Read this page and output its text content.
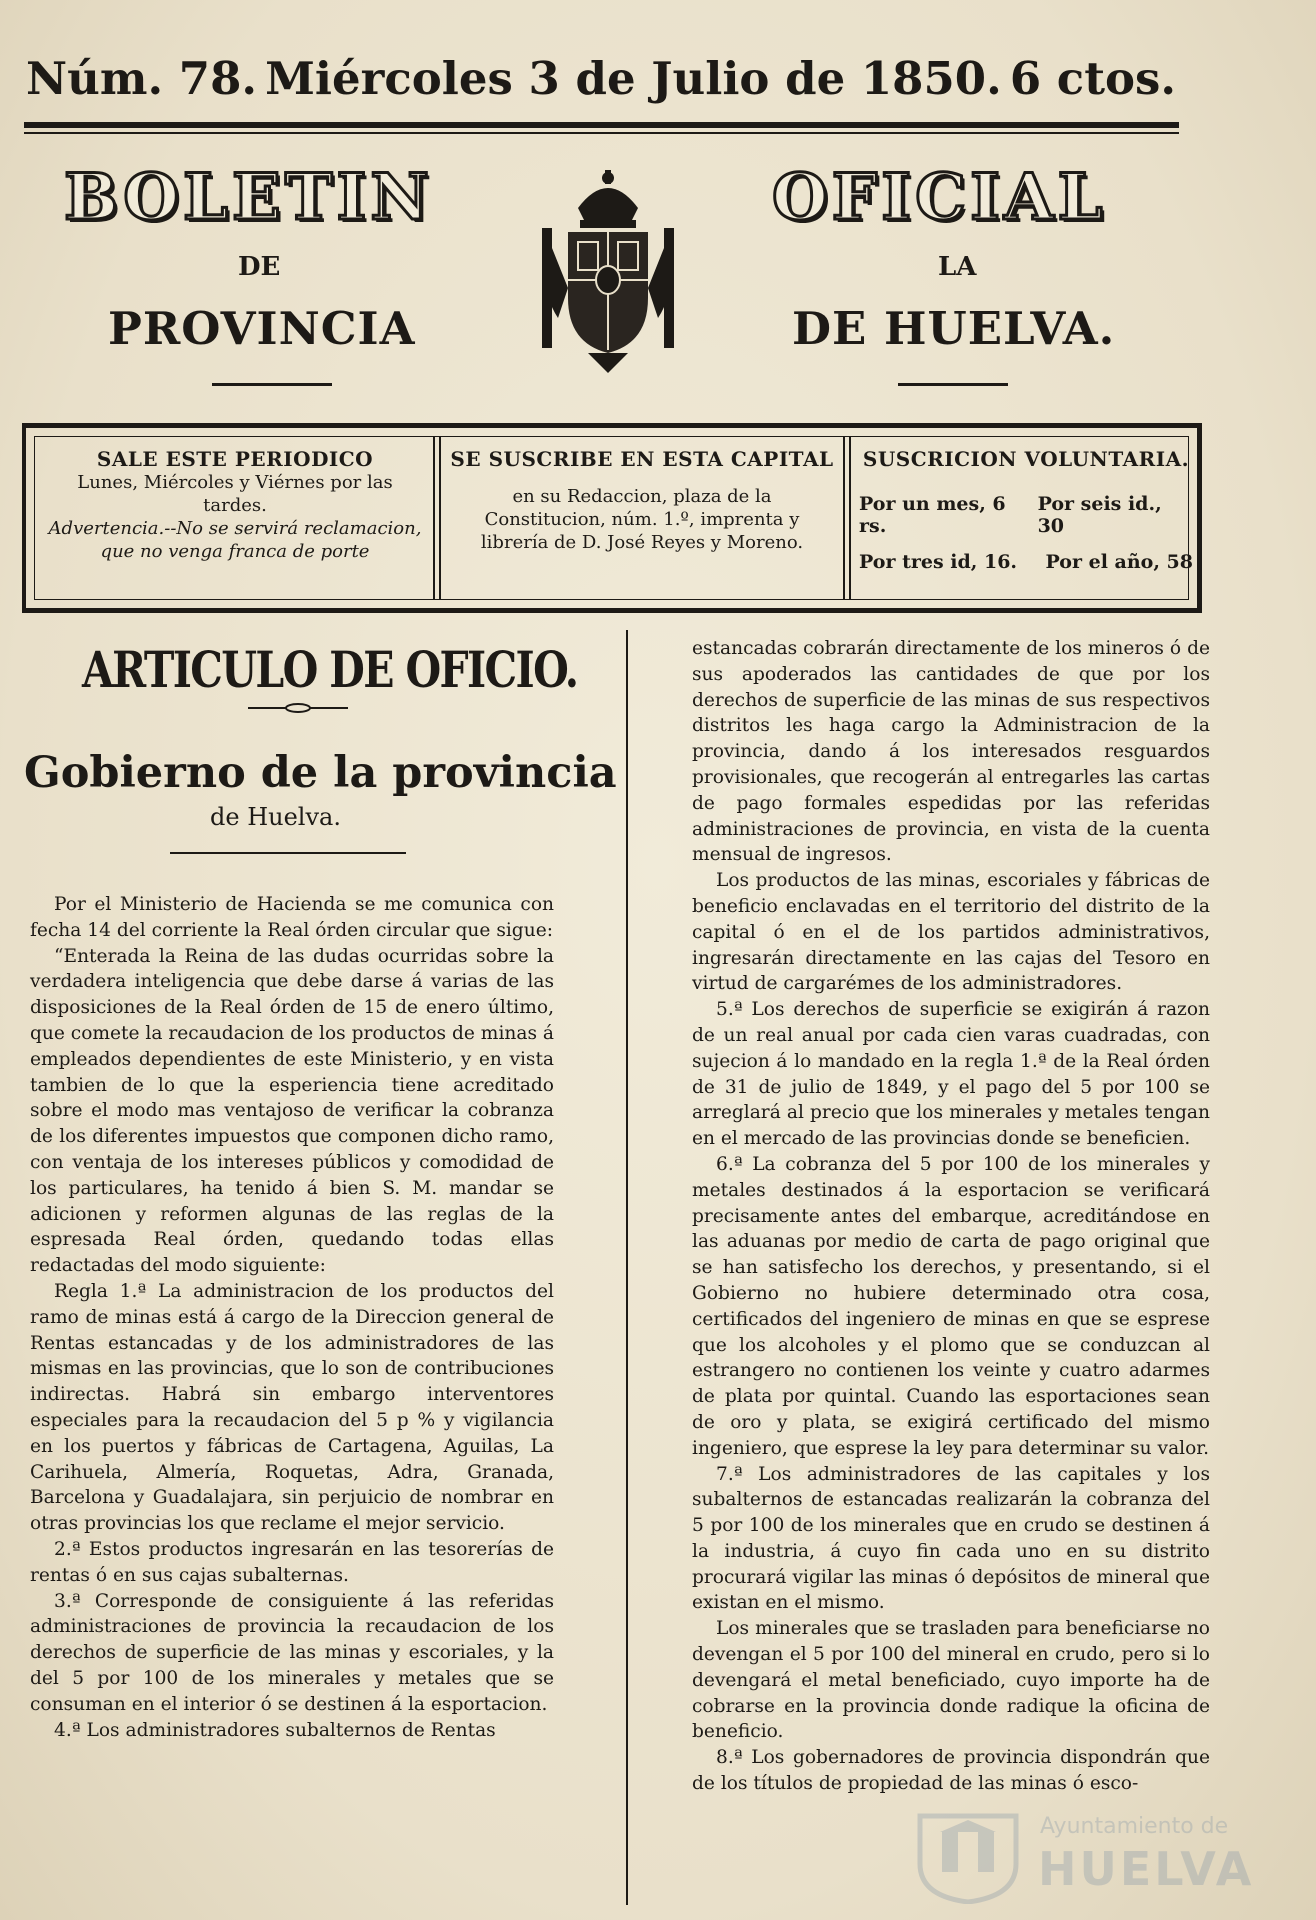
Núm. 78. Miércoles 3 de Julio de 1850. 6 ctos.
BOLETIN	OFICIAL
DE	LA
PROVINCIA	DE HUELVA.
SALE ESTE PERIODICO

Lunes, Miércoles y Viérnes por las tardes.

Advertencia.--No se servirá reclamacion, que no venga franca de porte

SE SUSCRIBE EN ESTA CAPITAL

en su Redaccion, plaza de la Constitucion, núm. 1.º, imprenta y librería de D. José Reyes y Moreno.

SUSCRICION VOLUNTARIA.
Por un mes, 6 rs.
Por seis id., 30
Por tres id, 16. Por el año, 58
ARTICULO DE OFICIO.
Gobierno de la provincia
de Huelva.

Por el Ministerio de Hacienda se me comunica con fecha 14 del corriente la Real órden circular que sigue:

“Enterada la Reina de las dudas ocurridas sobre la verdadera inteligencia que debe darse á varias de las disposiciones de la Real órden de 15 de enero último, que comete la recaudacion de los productos de minas á empleados dependientes de este Ministerio, y en vista tambien de lo que la esperiencia tiene acreditado sobre el modo mas ventajoso de verificar la cobranza de los diferentes impuestos que componen dicho ramo, con ventaja de los intereses públicos y comodidad de los particulares, ha tenido á bien S. M. mandar se adicionen y reformen algunas de las reglas de la espresada Real órden, quedando todas ellas redactadas del modo siguiente:

Regla 1.ª La administracion de los productos del ramo de minas está á cargo de la Direccion general de Rentas estancadas y de los administradores de las mismas en las provincias, que lo son de contribuciones indirectas. Habrá sin embargo interventores especiales para la recaudacion del 5 p % y vigilancia en los puertos y fábricas de Cartagena, Aguilas, La Carihuela, Almería, Roquetas, Adra, Granada, Barcelona y Guadalajara, sin perjuicio de nombrar en otras provincias los que reclame el mejor servicio.

2.ª Estos productos ingresarán en las tesorerías de rentas ó en sus cajas subalternas.

3.ª Corresponde de consiguiente á las referidas administraciones de provincia la recaudacion de los derechos de superficie de las minas y escoriales, y la del 5 por 100 de los minerales y metales que se consuman en el interior ó se destinen á la esportacion.

4.ª Los administradores subalternos de Rentas

estancadas cobrarán directamente de los mineros ó de sus apoderados las cantidades de que por los derechos de superficie de las minas de sus respectivos distritos les haga cargo la Administracion de la provincia, dando á los interesados resguardos provisionales, que recogerán al entregarles las cartas de pago formales espedidas por las referidas administraciones de provincia, en vista de la cuenta mensual de ingresos.

Los productos de las minas, escoriales y fábricas de beneficio enclavadas en el territorio del distrito de la capital ó en el de los partidos administrativos, ingresarán directamente en las cajas del Tesoro en virtud de cargarémes de los administradores.

5.ª Los derechos de superficie se exigirán á razon de un real anual por cada cien varas cuadradas, con sujecion á lo mandado en la regla 1.ª de la Real órden de 31 de julio de 1849, y el pago del 5 por 100 se arreglará al precio que los minerales y metales tengan en el mercado de las provincias donde se beneficien.

6.ª La cobranza del 5 por 100 de los minerales y metales destinados á la esportacion se verificará precisamente antes del embarque, acreditándose en las aduanas por medio de carta de pago original que se han satisfecho los derechos, y presentando, si el Gobierno no hubiere determinado otra cosa, certificados del ingeniero de minas en que se esprese que los alcoholes y el plomo que se conduzcan al estrangero no contienen los veinte y cuatro adarmes de plata por quintal. Cuando las esportaciones sean de oro y plata, se exigirá certificado del mismo ingeniero, que esprese la ley para determinar su valor.

7.ª Los administradores de las capitales y los subalternos de estancadas realizarán la cobranza del 5 por 100 de los minerales que en crudo se destinen á la industria, á cuyo fin cada uno en su distrito procurará vigilar las minas ó depósitos de mineral que existan en el mismo.

Los minerales que se trasladen para beneficiarse no devengan el 5 por 100 del mineral en crudo, pero si lo devengará el metal beneficiado, cuyo importe ha de cobrarse en la provincia donde radique la oficina de beneficio.

8.ª Los gobernadores de provincia dispondrán que de los títulos de propiedad de las minas ó esco-

Ayuntamiento de
HUELVA
